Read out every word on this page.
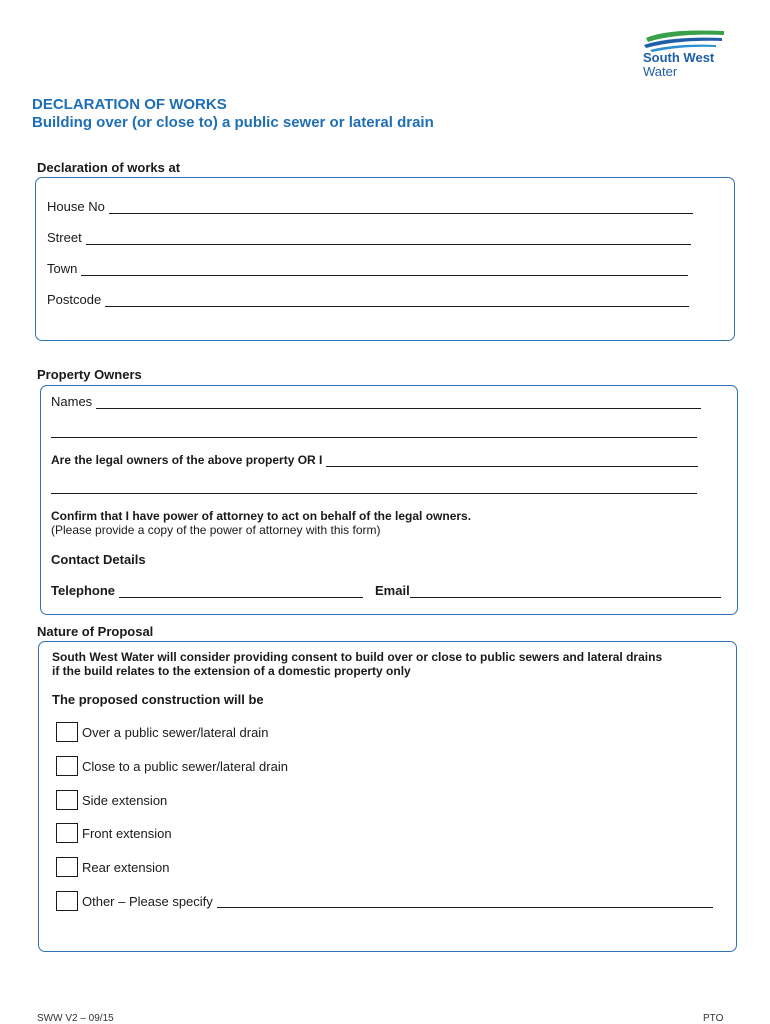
South West
Water
DECLARATION OF WORKS
Building over (or close to) a public sewer or lateral drain
Declaration of works at
House No
Street
Town
Postcode
Property Owners
Names
Are the legal owners of the above property OR I
Confirm that I have power of attorney to act on behalf of the legal owners.
(Please provide a copy of the power of attorney with this form)
Contact Details
Telephone	Email
Nature of Proposal
South West Water will consider providing consent to build over or close to public sewers and lateral drains
if the build relates to the extension of a domestic property only
The proposed construction will be
Over a public sewer/lateral drain
Close to a public sewer/lateral drain
Side extension
Front extension
Rear extension
Other – Please specify
SWW V2 – 09/15	PTO
